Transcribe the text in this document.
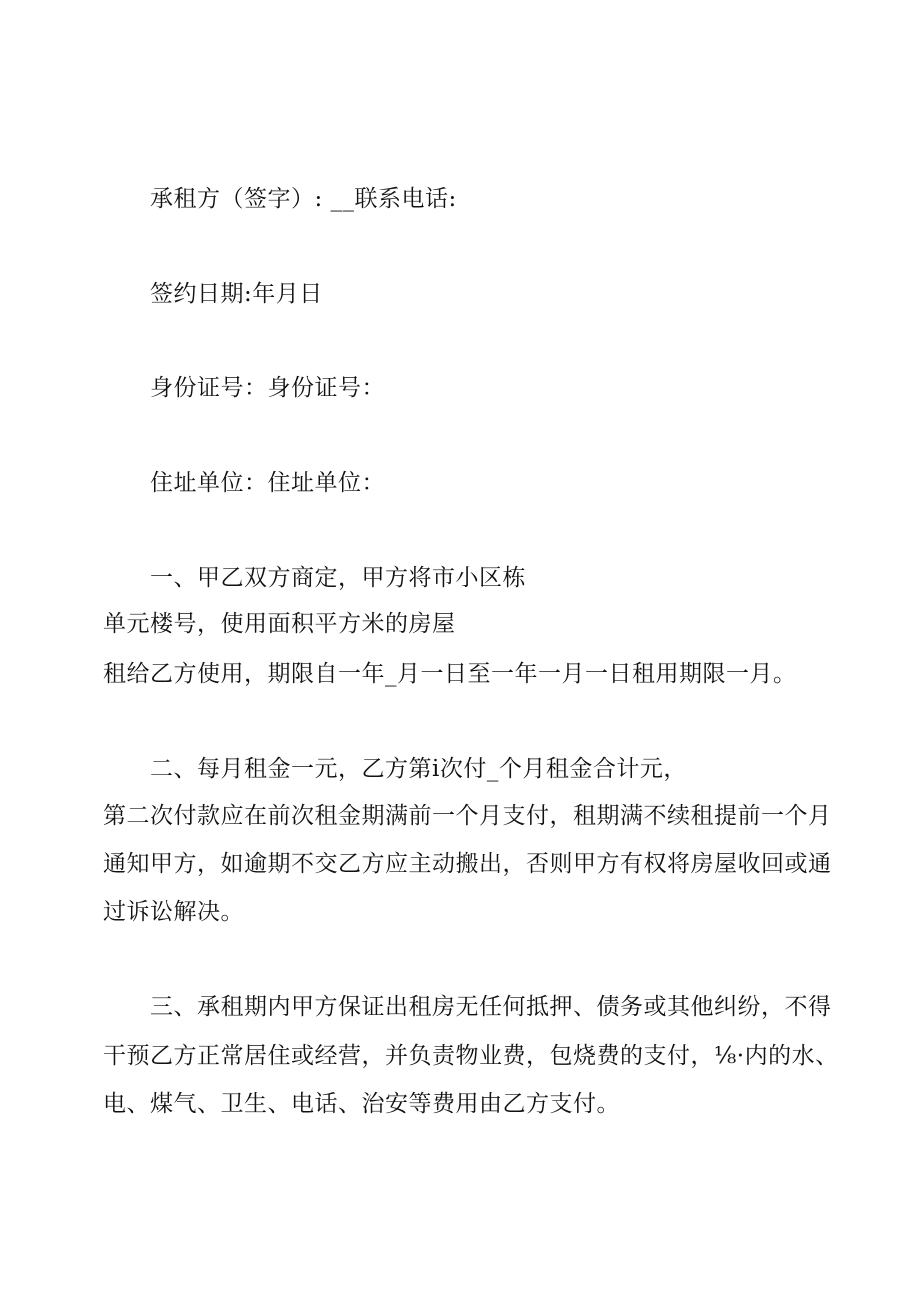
承租方（签字）: __联系电话:
签约日期:年月日
身份证号：身份证号：
住址单位：住址单位：
一、甲乙双方商定，甲方将市小区栋
单元楼号，使用面积平方米的房屋
租给乙方使用，期限自一年_月一日至一年一月一日租用期限一月。
二、每月租金一元，乙方第i次付_个月租金合计元，
第二次付款应在前次租金期满前一个月支付，租期满不续租提前一个月
通知甲方，如逾期不交乙方应主动搬出，否则甲方有权将房屋收回或通
过诉讼解决。
三、承租期内甲方保证出租房无任何抵押、债务或其他纠纷，不得
干预乙方正常居住或经营，并负责物业费，包烧费的支付，⅛·内的水、
电、煤气、卫生、电话、治安等费用由乙方支付。
